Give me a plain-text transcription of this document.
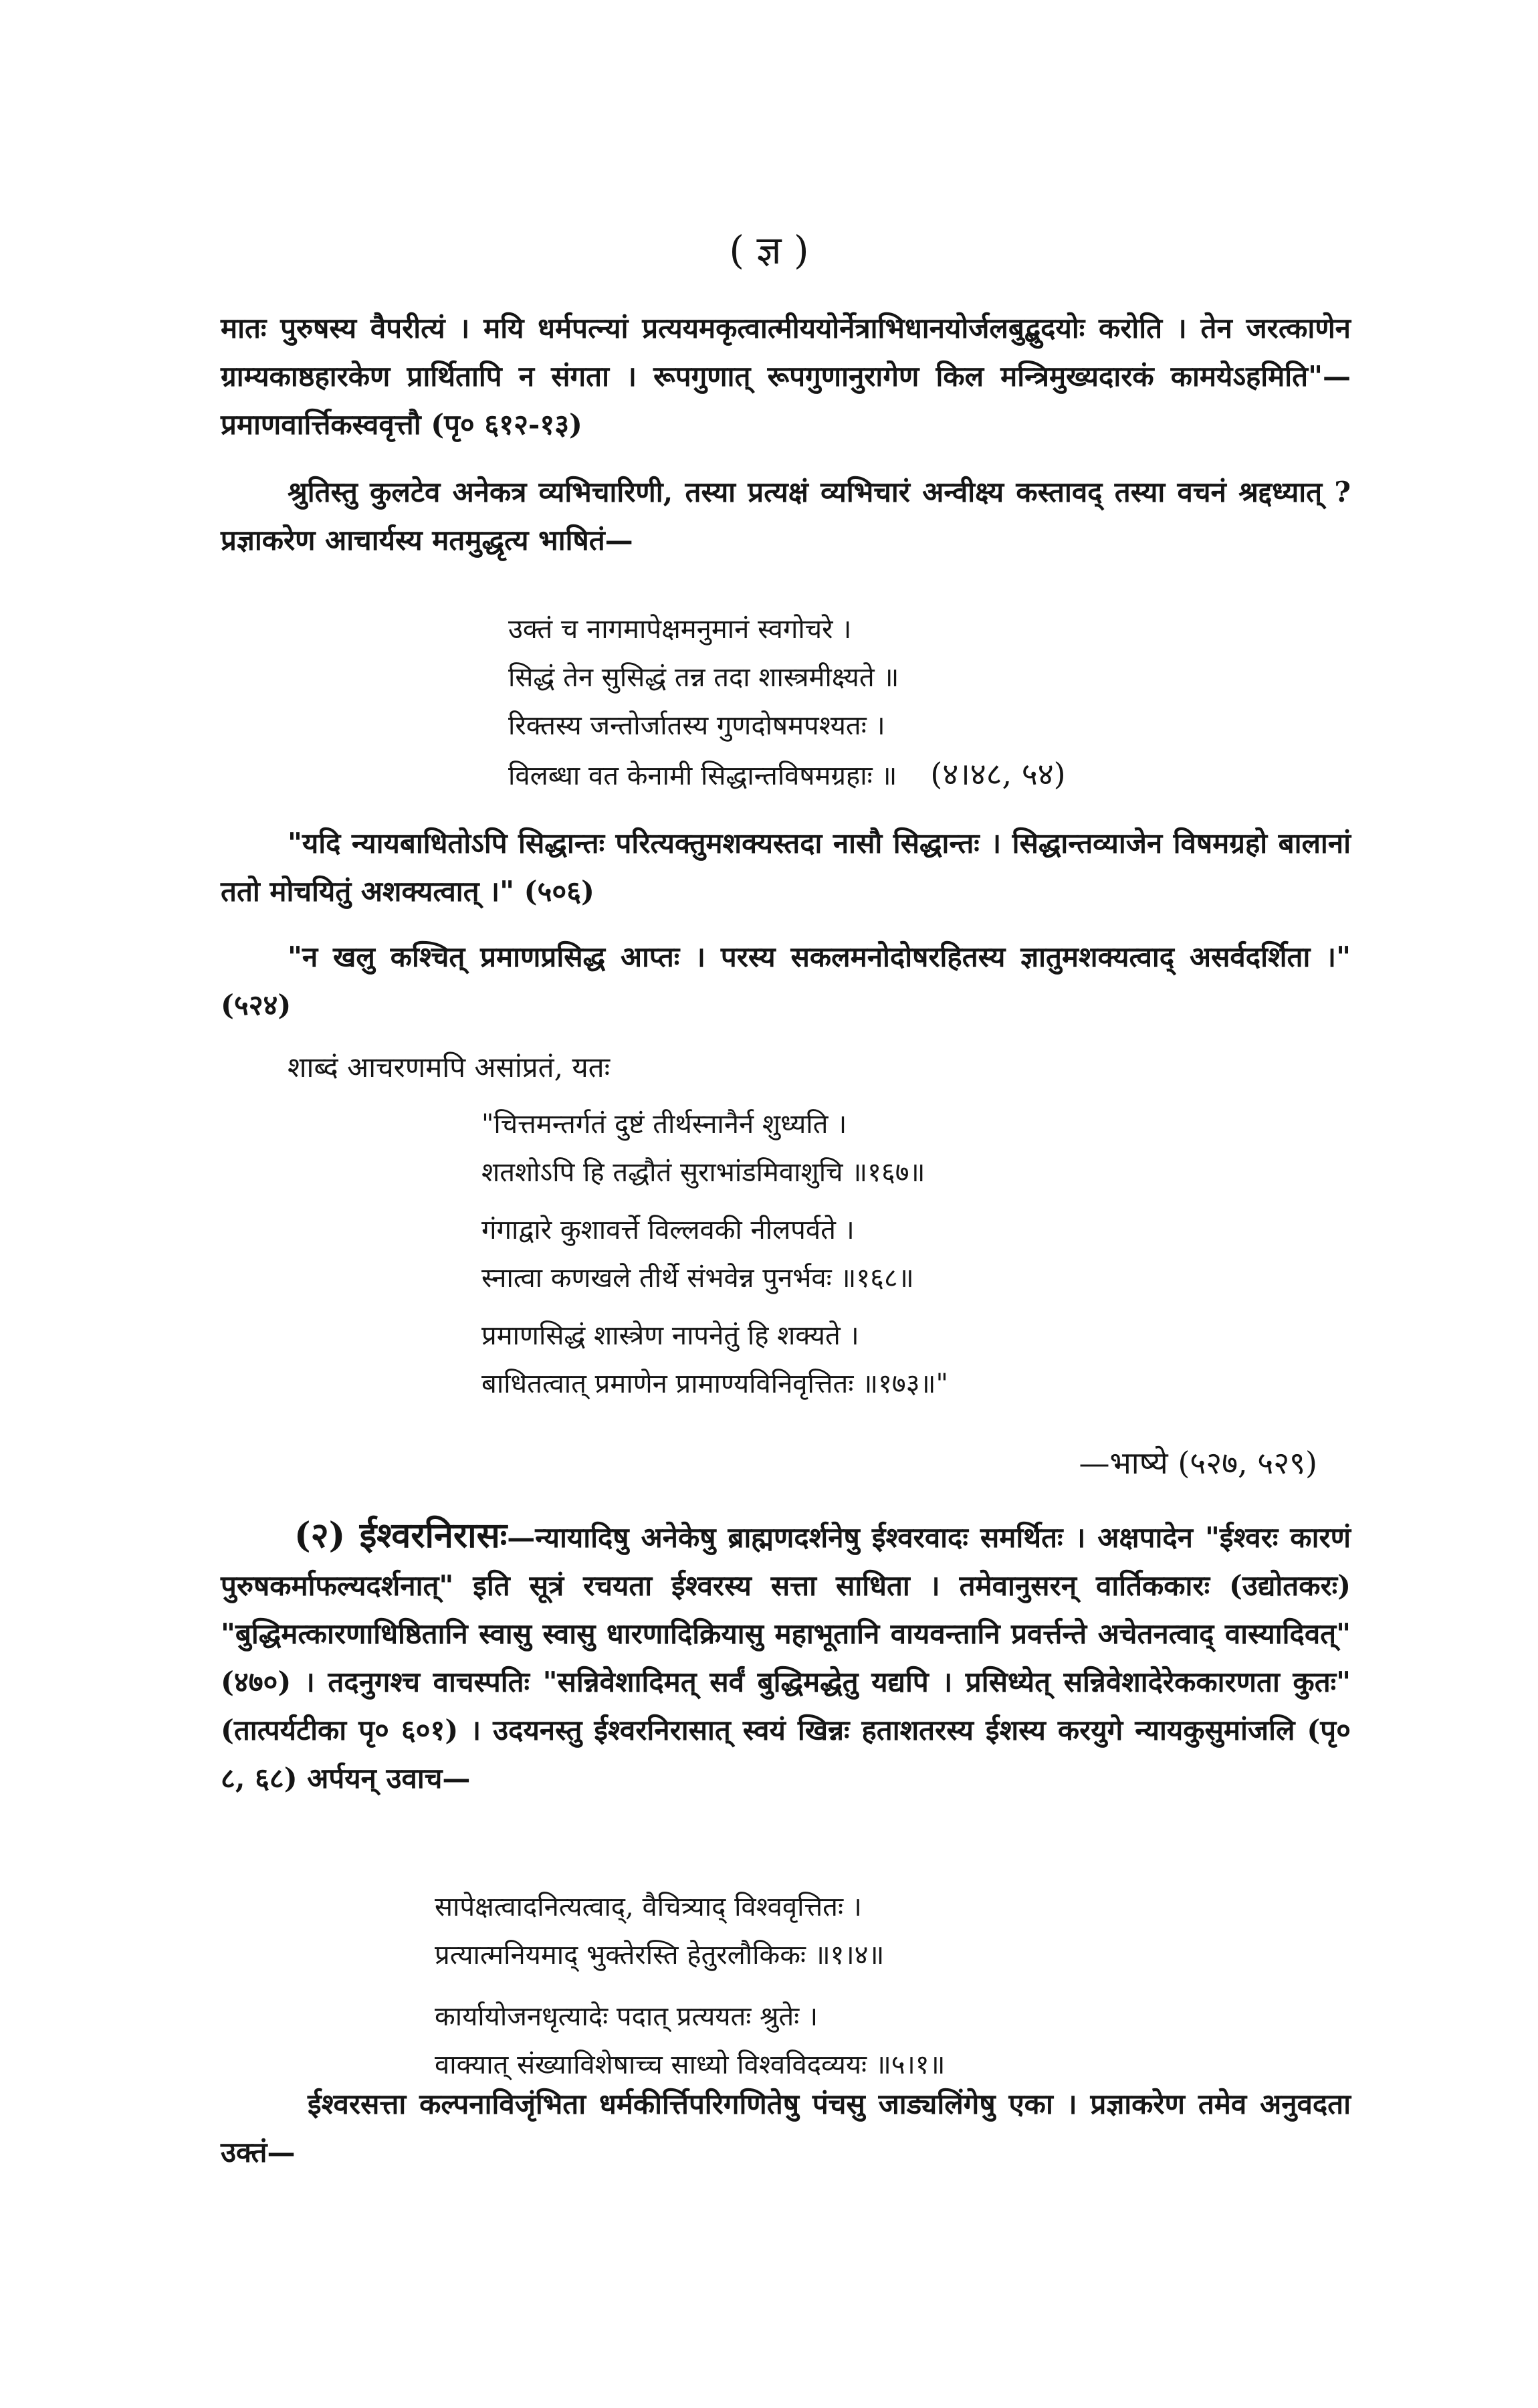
( ज्ञ )
मातः पुरुषस्य वैपरीत्यं । मयि धर्मपत्न्यां प्रत्ययमकृत्वात्मीययोर्नेत्राभिधानयोर्जलबुद्बुदयोः करोति । तेन जरत्काणेन ग्राम्यकाष्ठहारकेण प्रार्थितापि न संगता । रूपगुणात् रूपगुणानुरागेण किल मन्त्रिमुख्यदारकं कामयेऽहमिति"—प्रमाणवार्त्तिकस्ववृत्तौ (पृ० ६१२-१३)
श्रुतिस्तु कुलटेव अनेकत्र व्यभिचारिणी, तस्या प्रत्यक्षं व्यभिचारं अन्वीक्ष्य कस्तावद् तस्या वचनं श्रद्दध्यात् ? प्रज्ञाकरेण आचार्यस्य मतमुद्धृत्य भाषितं—
उक्तं च नागमापेक्षमनुमानं स्वगोचरे ।
सिद्धं तेन सुसिद्धं तन्न तदा शास्त्रमीक्ष्यते ॥
रिक्तस्य जन्तोर्जातस्य गुणदोषमपश्यतः ।
विलब्धा वत केनामी सिद्धान्तविषमग्रहाः ॥ (४।४८, ५४)
"यदि न्यायबाधितोऽपि सिद्धान्तः परित्यक्तुमशक्यस्तदा नासौ सिद्धान्तः । सिद्धान्तव्याजेन विषमग्रहो बालानां ततो मोचयितुं अशक्यत्वात् ।" (५०६)
"न खलु कश्चित् प्रमाणप्रसिद्ध आप्तः । परस्य सकलमनोदोषरहितस्य ज्ञातुमशक्यत्वाद् असर्वदर्शिता ।" (५२४)
शाब्दं आचरणमपि असांप्रतं, यतः
"चित्तमन्तर्गतं दुष्टं तीर्थस्नानैर्न शुध्यति ।
शतशोऽपि हि तद्धौतं सुराभांडमिवाशुचि ॥१६७॥
गंगाद्वारे कुशावर्त्ते विल्लवकी नीलपर्वते ।
स्नात्वा कणखले तीर्थे संभवेन्न पुनर्भवः ॥१६८॥
प्रमाणसिद्धं शास्त्रेण नापनेतुं हि शक्यते ।
बाधितत्वात् प्रमाणेन प्रामाण्यविनिवृत्तितः ॥१७३॥"
—भाष्ये (५२७, ५२९)
(२) ईश्वरनिरासः—न्यायादिषु अनेकेषु ब्राह्मणदर्शनेषु ईश्वरवादः समर्थितः । अक्षपादेन "ईश्वरः कारणं पुरुषकर्माफल्यदर्शनात्" इति सूत्रं रचयता ईश्वरस्य सत्ता साधिता । तमेवानुसरन् वार्तिककारः (उद्योतकरः) "बुद्धिमत्कारणाधिष्ठितानि स्वासु स्वासु धारणादिक्रियासु महाभूतानि वायवन्तानि प्रवर्त्तन्ते अचेतनत्वाद् वास्यादिवत्" (४७०) । तदनुगश्च वाचस्पतिः "सन्निवेशादिमत् सर्वं बुद्धिमद्धेतु यद्यपि । प्रसिध्येत् सन्निवेशादेरेककारणता कुतः" (तात्पर्यटीका पृ० ६०१) । उदयनस्तु ईश्वरनिरासात् स्वयं खिन्नः हताशतरस्य ईशस्य करयुगे न्यायकुसुमांजलि (पृ० ८, ६८) अर्पयन् उवाच—
सापेक्षत्वादनित्यत्वाद्, वैचित्र्याद् विश्ववृत्तितः ।
प्रत्यात्मनियमाद् भुक्तेरस्ति हेतुरलौकिकः ॥१।४॥
कार्यायोजनधृत्यादेः पदात् प्रत्ययतः श्रुतेः ।
वाक्यात् संख्याविशेषाच्च साध्यो विश्वविदव्ययः ॥५।१॥
ईश्वरसत्ता कल्पनाविजृंभिता धर्मकीर्त्तिपरिगणितेषु पंचसु जाड्यलिंगेषु एका । प्रज्ञाकरेण तमेव अनुवदता उक्तं—
